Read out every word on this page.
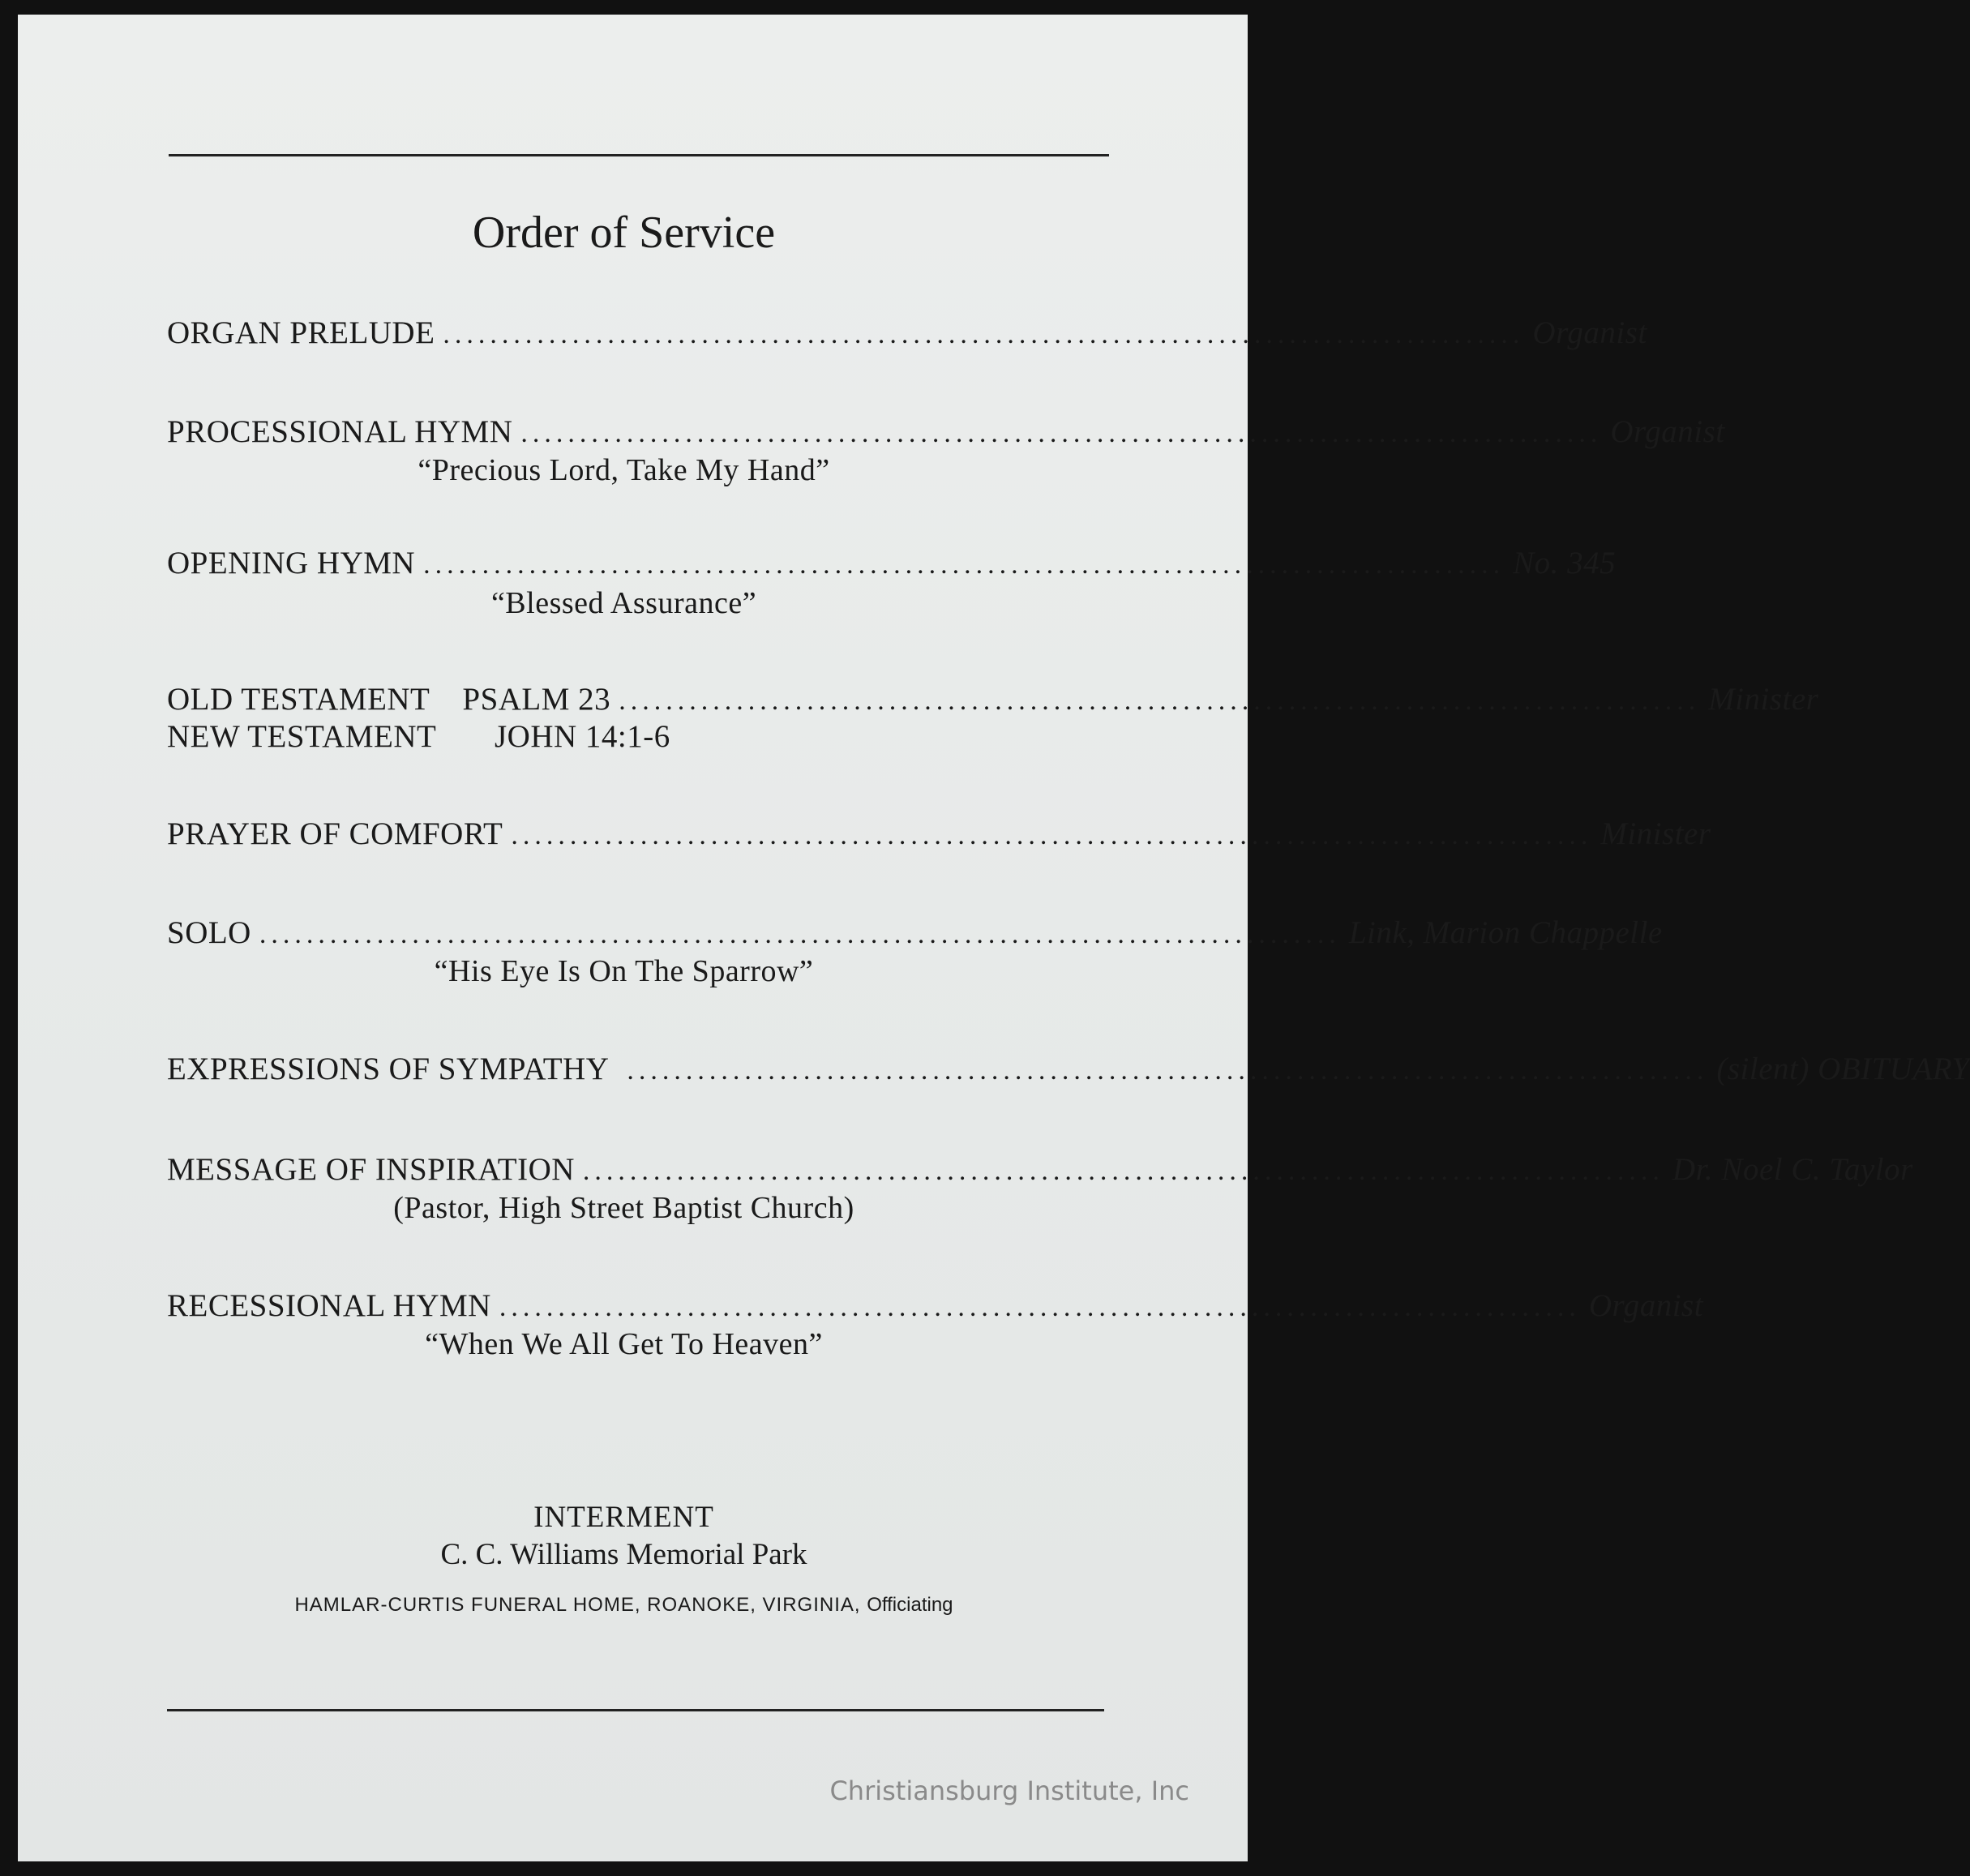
Order of Service
ORGAN PRELUDE ............................................................................................ Organist
PROCESSIONAL HYMN ............................................................................................ Organist
“Precious Lord, Take My Hand”
OPENING HYMN ............................................................................................ No. 345
“Blessed Assurance”
OLD TESTAMENT PSALM 23 ............................................................................................ Minister
NEW TESTAMENT JOHN 14:1-6
PRAYER OF COMFORT ............................................................................................ Minister
SOLO ............................................................................................ Link, Marion Chappelle
“His Eye Is On The Sparrow”
EXPRESSIONS OF SYMPATHY ............................................................................................ (silent) OBITUARY
MESSAGE OF INSPIRATION ............................................................................................ Dr. Noel C. Taylor
(Pastor, High Street Baptist Church)
RECESSIONAL HYMN ............................................................................................ Organist
“When We All Get To Heaven”
INTERMENT
C. C. Williams Memorial Park
HAMLAR-CURTIS FUNERAL HOME, ROANOKE, VIRGINIA, Officiating
Christiansburg Institute, Inc
